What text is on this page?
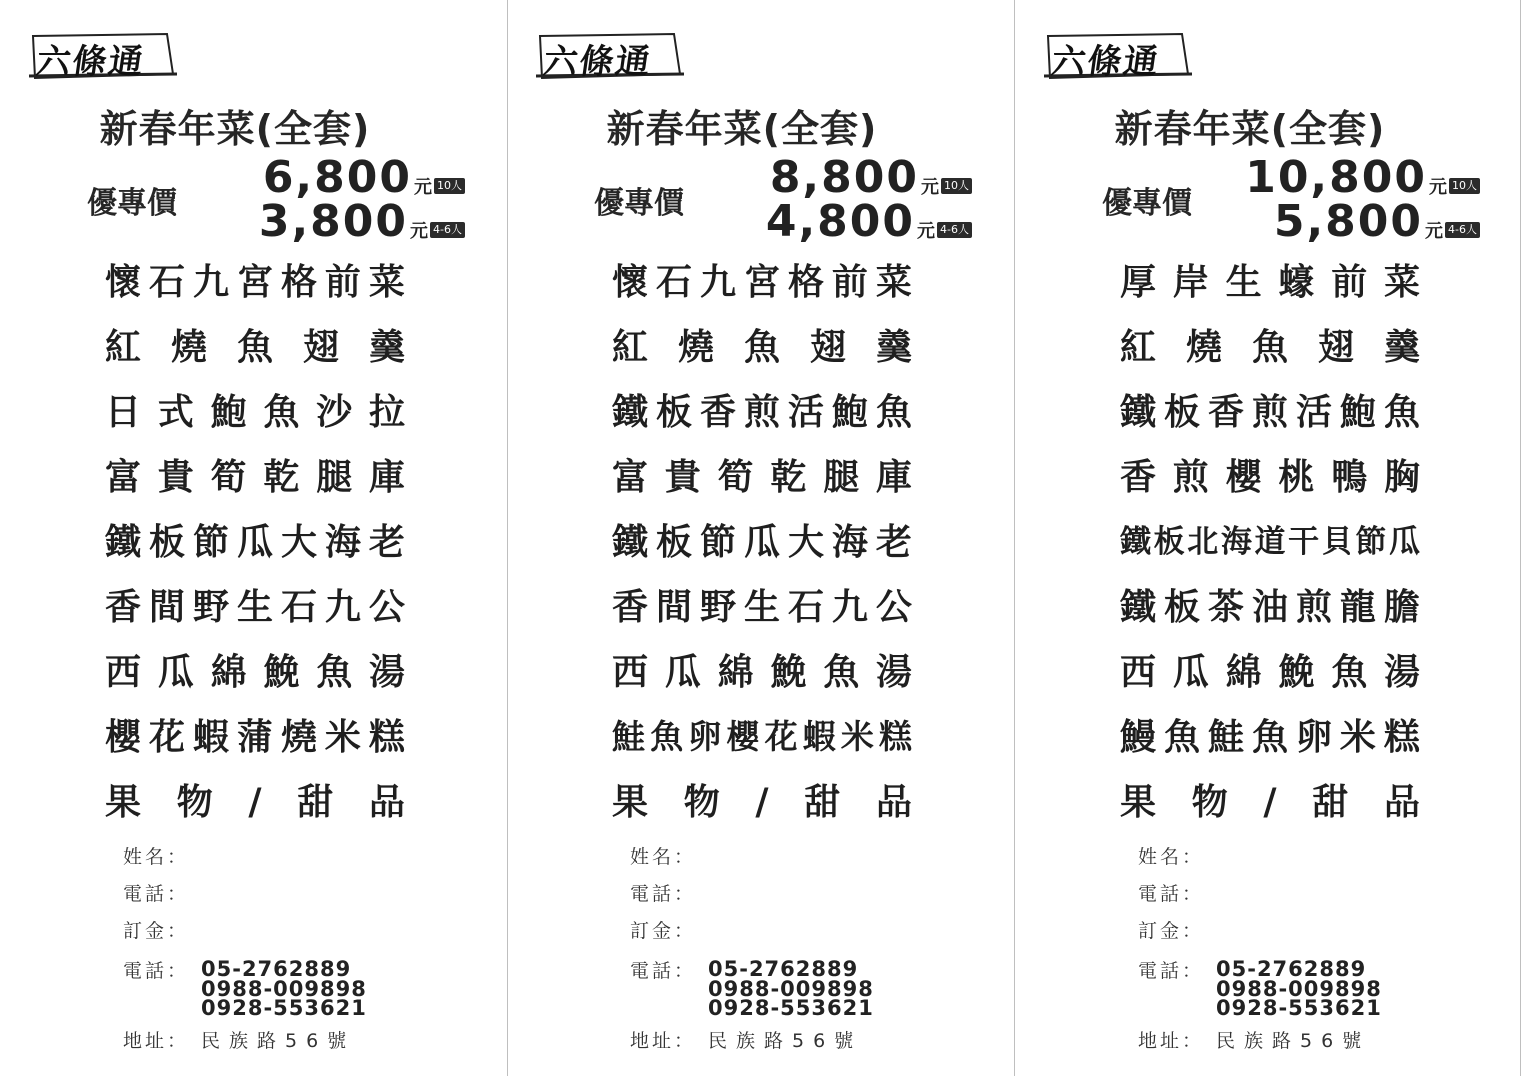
六條通
新春年菜(全套)
優專價
6,800 元 10人
3,800 元 4-6人
懷 石 九 宮 格 前 菜
紅 燒 魚 翅 羹
日 式 鮑 魚 沙 拉
富 貴 筍 乾 腿 庫
鐵 板 節 瓜 大 海 老
香 間 野 生 石 九 公
西 瓜 綿 鮸 魚 湯
櫻 花 蝦 蒲 燒 米 糕
果 物 / 甜 品
姓名：
電話：
訂金：
電話： 05-2762889
0988-009898
0928-553621
地址： 民族路56號
六條通
新春年菜(全套)
優專價
8,800 元 10人
4,800 元 4-6人
懷 石 九 宮 格 前 菜
紅 燒 魚 翅 羹
鐵 板 香 煎 活 鮑 魚
富 貴 筍 乾 腿 庫
鐵 板 節 瓜 大 海 老
香 間 野 生 石 九 公
西 瓜 綿 鮸 魚 湯
鮭 魚 卵 櫻 花 蝦 米 糕
果 物 / 甜 品
姓名：
電話：
訂金：
電話： 05-2762889
0988-009898
0928-553621
地址： 民族路56號
六條通
新春年菜(全套)
優專價
10,800 元 10人
5,800 元 4-6人
厚 岸 生 蠔 前 菜
紅 燒 魚 翅 羹
鐵 板 香 煎 活 鮑 魚
香 煎 櫻 桃 鴨 胸
鐵 板 北 海 道 干 貝 節 瓜
鐵 板 茶 油 煎 龍 膽
西 瓜 綿 鮸 魚 湯
鰻 魚 鮭 魚 卵 米 糕
果 物 / 甜 品
姓名：
電話：
訂金：
電話： 05-2762889
0988-009898
0928-553621
地址： 民族路56號
